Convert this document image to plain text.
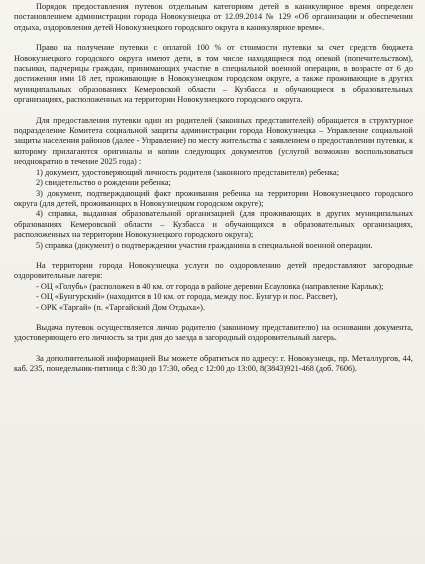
Порядок предоставления путевок отдельным категориям детей в каникулярное время определен постановлением администрации города Новокузнецка от 12.09.2014 № 129 «Об организации и обеспечении отдыха, оздоровления детей Новокузнецкого городского округа в каникулярное время».

Право на получение путевки с оплатой 100 % от стоимости путевки за счет средств бюджета Новокузнецкого городского округа имеют дети, в том числе находящиеся под опекой (попечительством), пасынки, падчерицы граждан, принимающих участие в специальной военной операции, в возрасте от 6 до достижения ими 18 лет, проживающие в Новокузнецком городском округе, а также проживающие в других муниципальных образованиях Кемеровской области – Кузбасса и обучающиеся в образовательных организациях, расположенных на территории Новокузнецкого городского округа.

Для предоставления путевки один из родителей (законных представителей) обращается в структурное подразделение Комитета социальной защиты администрации города Новокузнецка – Управление социальной защиты населения районов (далее - Управление) по месту жительства с заявлением о предоставлении путевки, к которому прилагаются оригиналы и копии следующих документов (услугой возможно воспользоваться неоднократно в течение 2025 года) :

1) документ, удостоверяющий личность родителя (законного представителя) ребенка;

2) свидетельство о рождении ребенка;

3) документ, подтверждающий факт проживания ребенка на территории Новокузнецкого городского округа (для детей, проживающих в Новокузнецком городском округе);

4) справка, выданная образовательной организацией (для проживающих в других муниципальных образованиях Кемеровской области – Кузбасса и обучающихся в образовательных организациях, расположенных на территории Новокузнецкого городского округа);

5) справка (документ) о подтверждении участия гражданина в специальной военной операции.

На территории города Новокузнецка услуги по оздоровлению детей предоставляют загородные оздоровительные лагеря:

- ОЦ «Голубь» (расположен в 40 км. от города в районе деревни Есауловка (направление Карлык);

- ОЦ «Бунгурский» (находится в 10 км. от города, между пос. Бунгур и пос. Рассвет),

- ОРК «Таргай» (п. «Таргайский Дом Отдыха»).

Выдача путевок осуществляется лично родителю (законному представителю) на основании документа, удостоверяющего его личность за три дня до заезда в загородный оздоровительный лагерь.

За дополнительной информацией Вы можете обратиться по адресу: г. Новокузнецк, пр. Металлургов, 44, каб. 235, понедельник-пятница с 8:30 до 17:30, обед с 12:00 до 13:00, 8(3843)921-468 (доб. 7606).
